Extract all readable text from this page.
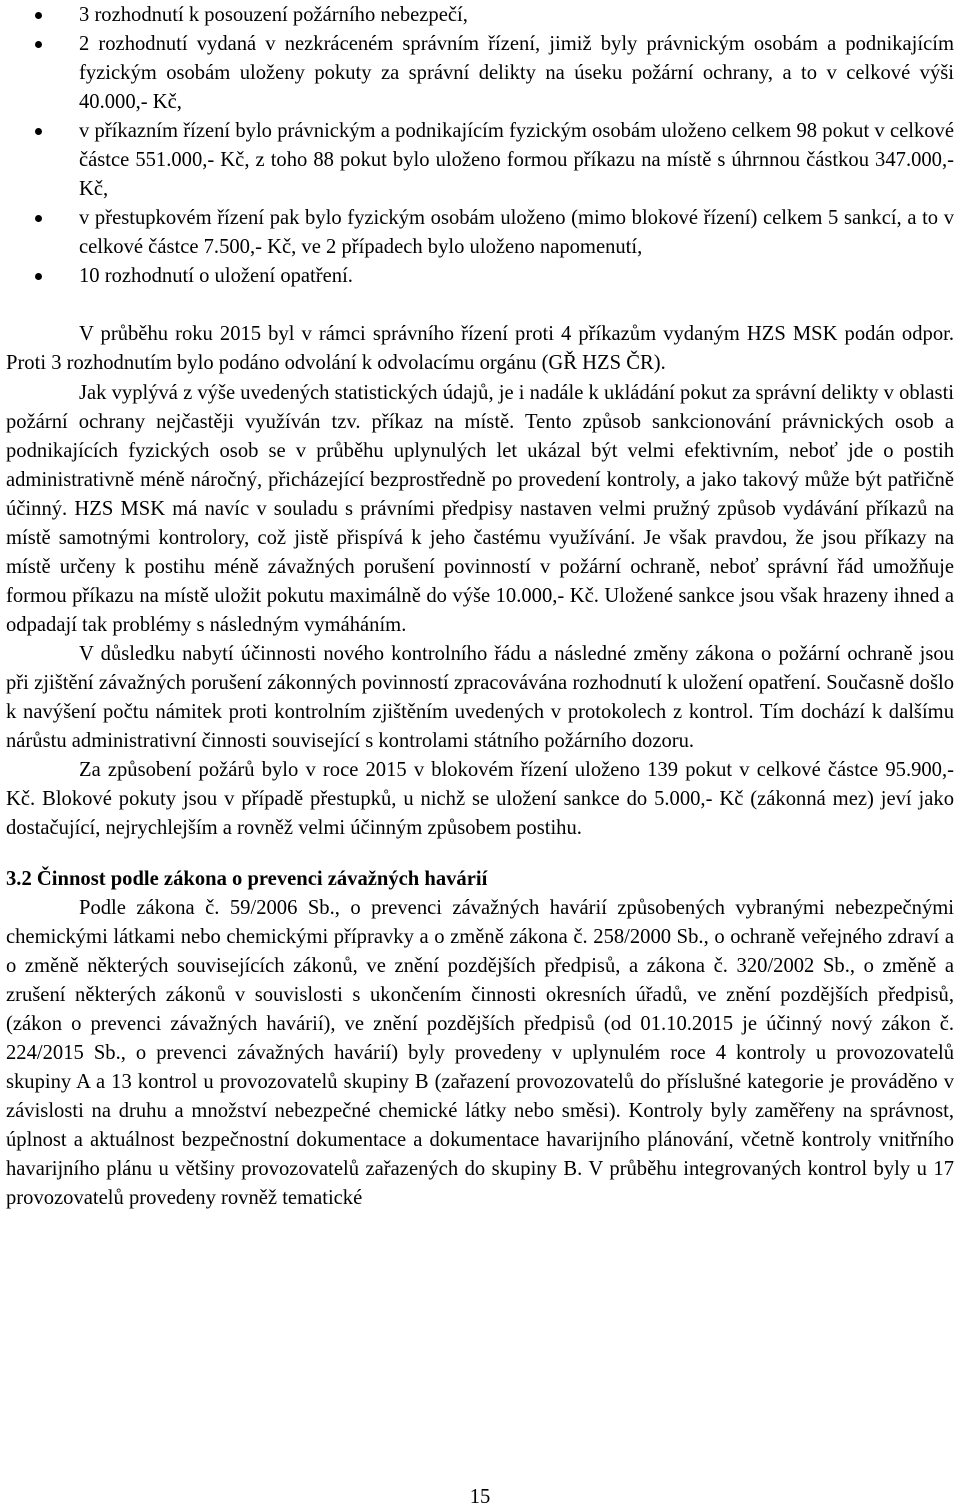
3 rozhodnutí k posouzení požárního nebezpečí,
2 rozhodnutí vydaná v nezkráceném správním řízení, jimiž byly právnickým osobám a podnikajícím fyzickým osobám uloženy pokuty za správní delikty na úseku požární ochrany, a to v celkové výši 40.000,- Kč,
v příkazním řízení bylo právnickým a podnikajícím fyzickým osobám uloženo celkem 98 pokut v celkové částce 551.000,- Kč, z toho 88 pokut bylo uloženo formou příkazu na místě s úhrnnou částkou 347.000,- Kč,
v přestupkovém řízení pak bylo fyzickým osobám uloženo (mimo blokové řízení) celkem 5 sankcí, a to v celkové částce 7.500,- Kč, ve 2 případech bylo uloženo napomenutí,
10 rozhodnutí o uložení opatření.

V průběhu roku 2015 byl v rámci správního řízení proti 4 příkazům vydaným HZS MSK podán odpor. Proti 3 rozhodnutím bylo podáno odvolání k odvolacímu orgánu (GŘ HZS ČR).

Jak vyplývá z výše uvedených statistických údajů, je i nadále k ukládání pokut za správní delikty v oblasti požární ochrany nejčastěji využíván tzv. příkaz na místě. Tento způsob sankcionování právnických osob a podnikajících fyzických osob se v průběhu uplynulých let ukázal být velmi efektivním, neboť jde o postih administrativně méně náročný, přicházející bezprostředně po provedení kontroly, a jako takový může být patřičně účinný. HZS MSK má navíc v souladu s právními předpisy nastaven velmi pružný způsob vydávání příkazů na místě samotnými kontrolory, což jistě přispívá k jeho častému využívání. Je však pravdou, že jsou příkazy na místě určeny k postihu méně závažných porušení povinností v požární ochraně, neboť správní řád umožňuje formou příkazu na místě uložit pokutu maximálně do výše 10.000,- Kč. Uložené sankce jsou však hrazeny ihned a odpadají tak problémy s následným vymáháním.

V důsledku nabytí účinnosti nového kontrolního řádu a následné změny zákona o požární ochraně jsou při zjištění závažných porušení zákonných povinností zpracovávána rozhodnutí k uložení opatření. Současně došlo k navýšení počtu námitek proti kontrolním zjištěním uvedených v protokolech z kontrol. Tím dochází k dalšímu nárůstu administrativní činnosti související s kontrolami státního požárního dozoru.

Za způsobení požárů bylo v roce 2015 v blokovém řízení uloženo 139 pokut v celkové částce 95.900,- Kč. Blokové pokuty jsou v případě přestupků, u nichž se uložení sankce do 5.000,- Kč (zákonná mez) jeví jako dostačující, nejrychlejším a rovněž velmi účinným způsobem postihu.

3.2 Činnost podle zákona o prevenci závažných havárií

Podle zákona č. 59/2006 Sb., o prevenci závažných havárií způsobených vybranými nebezpečnými chemickými látkami nebo chemickými přípravky a o změně zákona č. 258/2000 Sb., o ochraně veřejného zdraví a o změně některých souvisejících zákonů, ve znění pozdějších předpisů, a zákona č. 320/2002 Sb., o změně a zrušení některých zákonů v souvislosti s ukončením činnosti okresních úřadů, ve znění pozdějších předpisů, (zákon o prevenci závažných havárií), ve znění pozdějších předpisů (od 01.10.2015 je účinný nový zákon č. 224/2015 Sb., o prevenci závažných havárií) byly provedeny v uplynulém roce 4 kontroly u provozovatelů skupiny A a 13 kontrol u provozovatelů skupiny B (zařazení provozovatelů do příslušné kategorie je prováděno v závislosti na druhu a množství nebezpečné chemické látky nebo směsi). Kontroly byly zaměřeny na správnost, úplnost a aktuálnost bezpečnostní dokumentace a dokumentace havarijního plánování, včetně kontroly vnitřního havarijního plánu u většiny provozovatelů zařazených do skupiny B. V průběhu integrovaných kontrol byly u 17 provozovatelů provedeny rovněž tematické

15
